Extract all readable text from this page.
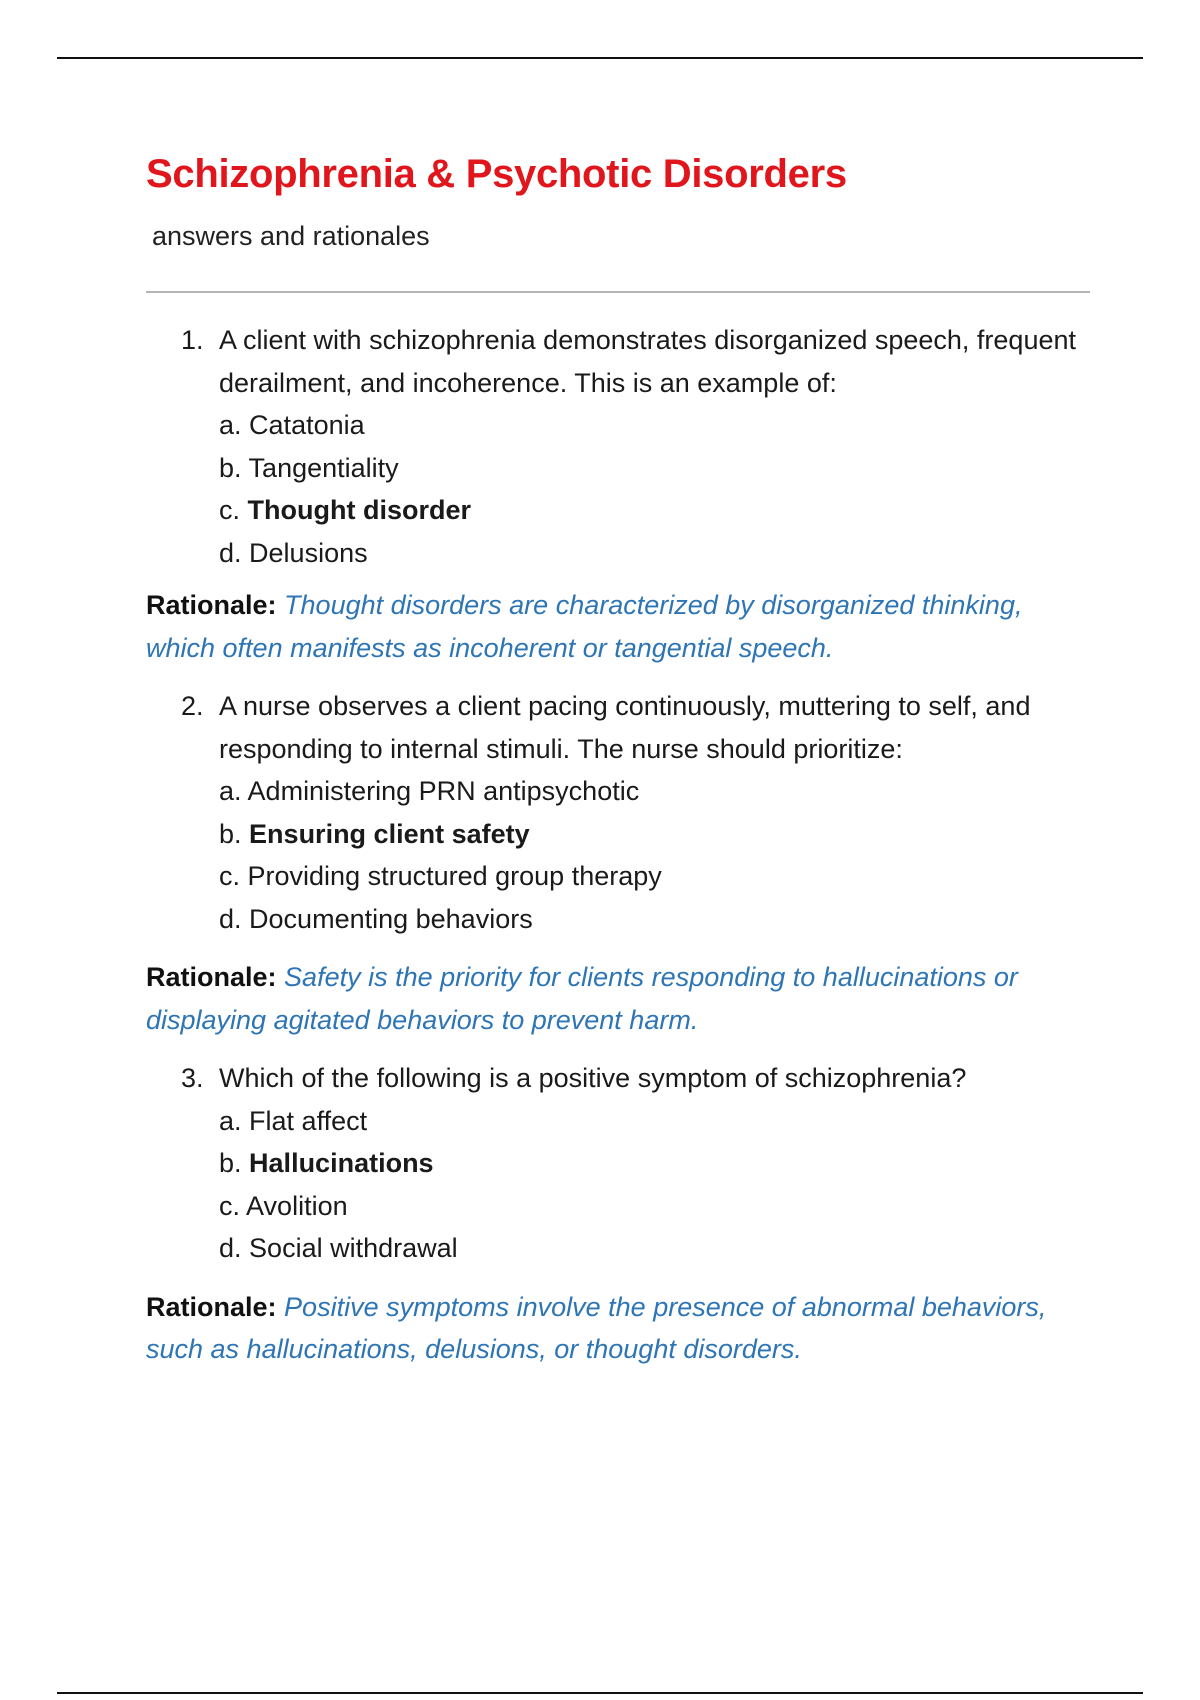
Schizophrenia & Psychotic Disorders
answers and rationales
1. A client with schizophrenia demonstrates disorganized speech, frequent derailment, and incoherence. This is an example of:
a. Catatonia
b. Tangentiality
c. Thought disorder
d. Delusions

Rationale: Thought disorders are characterized by disorganized thinking, which often manifests as incoherent or tangential speech.

2. A nurse observes a client pacing continuously, muttering to self, and responding to internal stimuli. The nurse should prioritize:
a. Administering PRN antipsychotic
b. Ensuring client safety
c. Providing structured group therapy
d. Documenting behaviors

Rationale: Safety is the priority for clients responding to hallucinations or displaying agitated behaviors to prevent harm.

3. Which of the following is a positive symptom of schizophrenia?
a. Flat affect
b. Hallucinations
c. Avolition
d. Social withdrawal

Rationale: Positive symptoms involve the presence of abnormal behaviors, such as hallucinations, delusions, or thought disorders.
